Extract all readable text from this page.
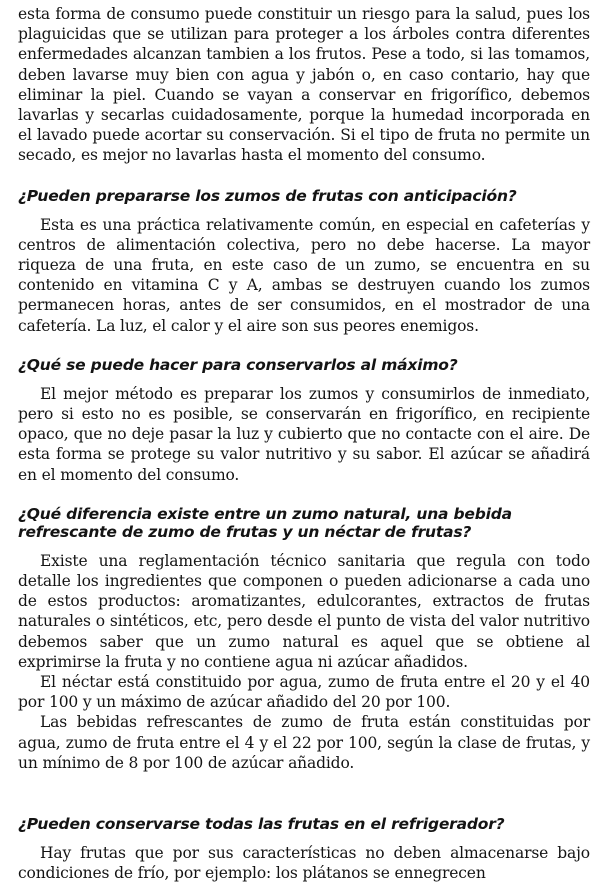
esta forma de consumo puede constituir un riesgo para la salud, pues los plaguicidas que se utilizan para proteger a los árboles contra diferentes enfermedades alcanzan tambien a los frutos. Pese a todo, si las tomamos, deben lavarse muy bien con agua y jabón o, en caso contario, hay que eliminar la piel. Cuando se vayan a conservar en frigorífico, debemos lavarlas y secarlas cuidadosamente, porque la humedad incorporada en el lavado puede acortar su conservación. Si el tipo de fruta no permite un secado, es mejor no lavarlas hasta el momento del consumo.

¿Pueden prepararse los zumos de frutas con anticipación?

Esta es una práctica relativamente común, en especial en cafeterías y centros de alimentación colectiva, pero no debe hacerse. La mayor riqueza de una fruta, en este caso de un zumo, se encuentra en su contenido en vitamina C y A, ambas se destruyen cuando los zumos permanecen horas, antes de ser consumidos, en el mostrador de una cafetería. La luz, el calor y el aire son sus peores enemigos.

¿Qué se puede hacer para conservarlos al máximo?

El mejor método es preparar los zumos y consumirlos de inmediato, pero si esto no es posible, se conservarán en frigorífico, en recipiente opaco, que no deje pasar la luz y cubierto que no contacte con el aire. De esta forma se protege su valor nutritivo y su sabor. El azúcar se añadirá en el momento del consumo.

¿Qué diferencia existe entre un zumo natural, una bebida refrescante de zumo de frutas y un néctar de frutas?

Existe una reglamentación técnico sanitaria que regula con todo detalle los ingredientes que componen o pueden adicionarse a cada uno de estos productos: aromatizantes, edulcorantes, extractos de frutas naturales o sintéticos, etc, pero desde el punto de vista del valor nutritivo debemos saber que un zumo natural es aquel que se obtiene al exprimirse la fruta y no contiene agua ni azúcar añadidos.

El néctar está constituido por agua, zumo de fruta entre el 20 y el 40 por 100 y un máximo de azúcar añadido del 20 por 100.

Las bebidas refrescantes de zumo de fruta están constituidas por agua, zumo de fruta entre el 4 y el 22 por 100, según la clase de frutas, y un mínimo de 8 por 100 de azúcar añadido.

¿Pueden conservarse todas las frutas en el refrigerador?

Hay frutas que por sus características no deben almacenarse bajo condiciones de frío, por ejemplo: los plátanos se ennegrecen
